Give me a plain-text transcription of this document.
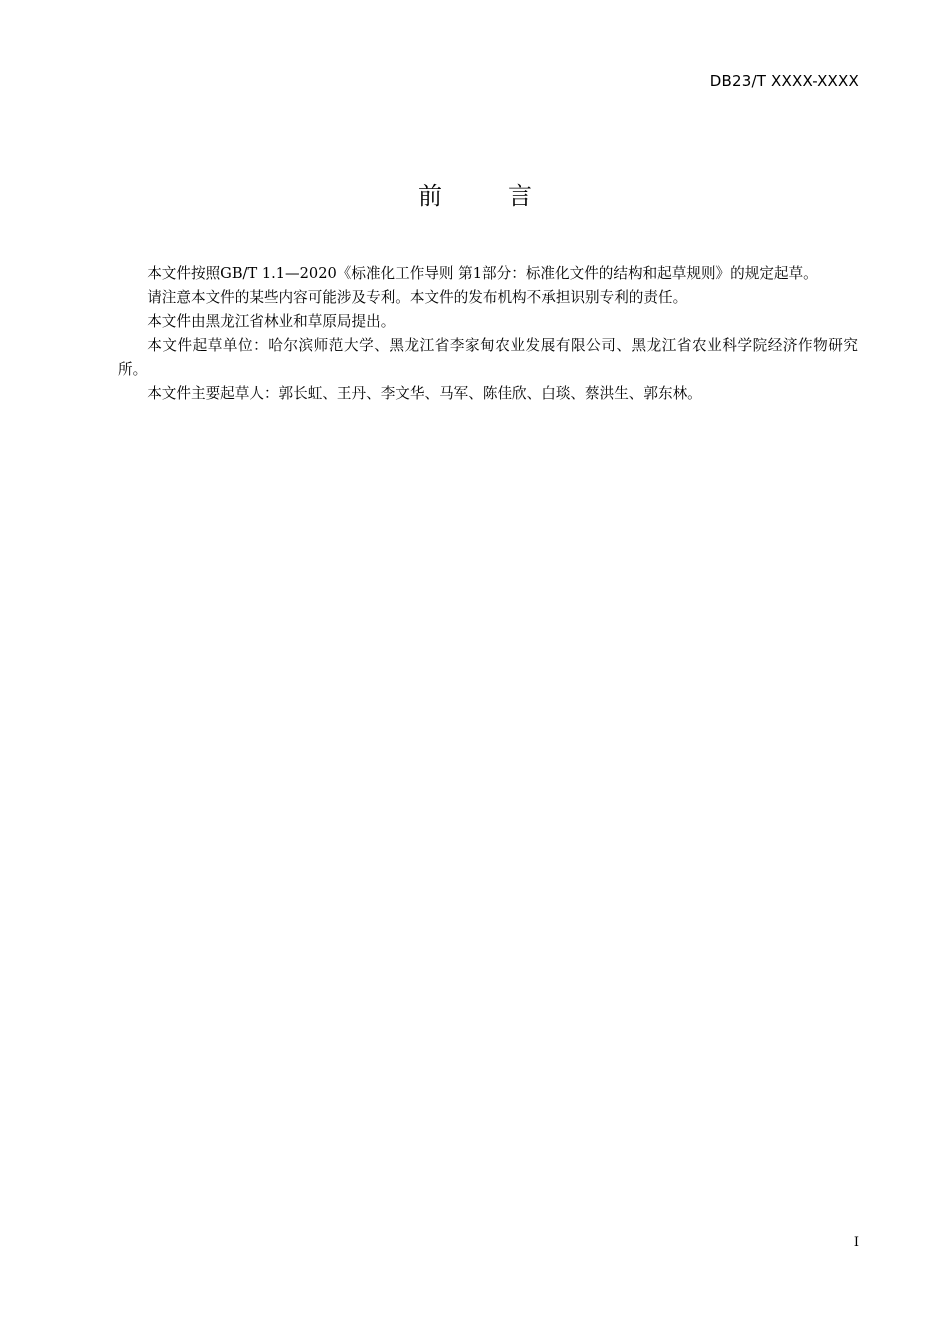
DB23/T XXXX-XXXX
前	言

本文件按照GB/T 1.1—2020《标准化工作导则 第1部分：标准化文件的结构和起草规则》的规定起草。

请注意本文件的某些内容可能涉及专利。本文件的发布机构不承担识别专利的责任。

本文件由黑龙江省林业和草原局提出。

本文件起草单位：哈尔滨师范大学、黑龙江省李家甸农业发展有限公司、黑龙江省农业科学院经济作物研究所。

本文件主要起草人：郭长虹、王丹、李文华、马军、陈佳欣、白琰、蔡洪生、郭东林。

I
